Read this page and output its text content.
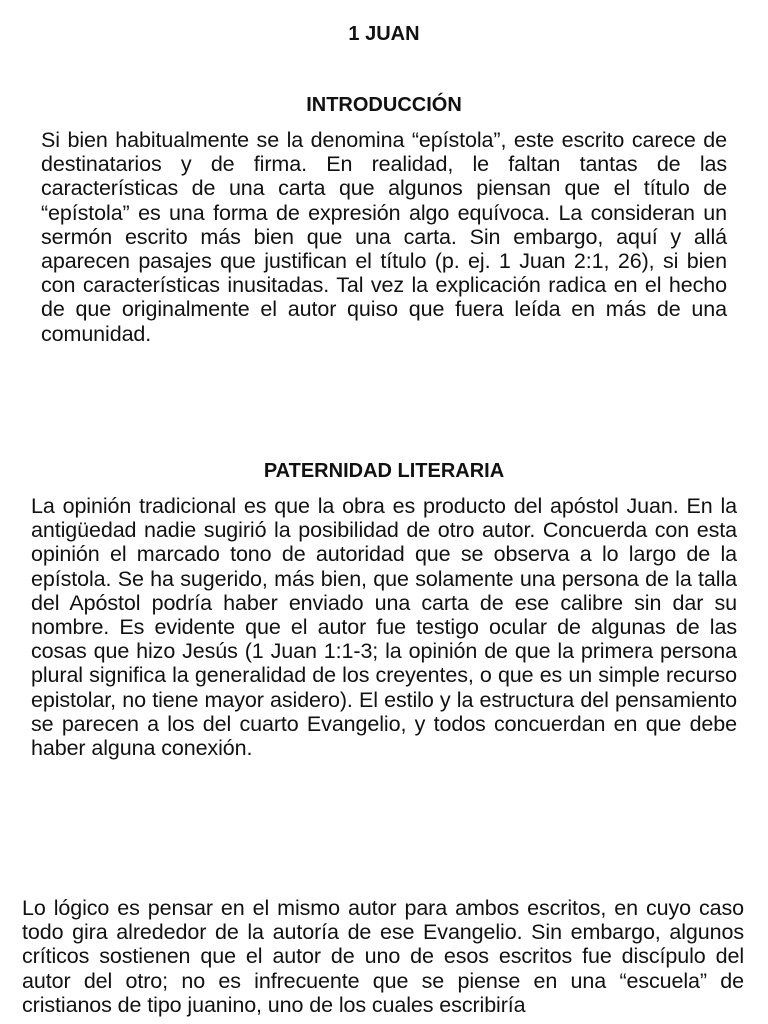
1 JUAN
INTRODUCCIÓN

Si bien habitualmente se la denomina “epístola”, este escrito carece de destinatarios y de firma. En realidad, le faltan tantas de las características de una carta que algunos piensan que el título de “epístola” es una forma de expresión algo equívoca. La consideran un sermón escrito más bien que una carta. Sin embargo, aquí y allá aparecen pasajes que justifican el título (p. ej. 1 Juan 2:1, 26), si bien con características inusitadas. Tal vez la explicación radica en el hecho de que originalmente el autor quiso que fuera leída en más de una comunidad.

PATERNIDAD LITERARIA

La opinión tradicional es que la obra es producto del apóstol Juan. En la antigüedad nadie sugirió la posibilidad de otro autor. Concuerda con esta opinión el marcado tono de autoridad que se observa a lo largo de la epístola. Se ha sugerido, más bien, que solamente una persona de la talla del Apóstol podría haber enviado una carta de ese calibre sin dar su nombre. Es evidente que el autor fue testigo ocular de algunas de las cosas que hizo Jesús (1 Juan 1:1-3; la opinión de que la primera persona plural significa la generalidad de los creyentes, o que es un simple recurso epistolar, no tiene mayor asidero). El estilo y la estructura del pensamiento se parecen a los del cuarto Evangelio, y todos concuerdan en que debe haber alguna conexión.

Lo lógico es pensar en el mismo autor para ambos escritos, en cuyo caso todo gira alrededor de la autoría de ese Evangelio. Sin embargo, algunos críticos sostienen que el autor de uno de esos escritos fue discípulo del autor del otro; no es infrecuente que se piense en una “escuela” de cristianos de tipo juanino, uno de los cuales escribiría
